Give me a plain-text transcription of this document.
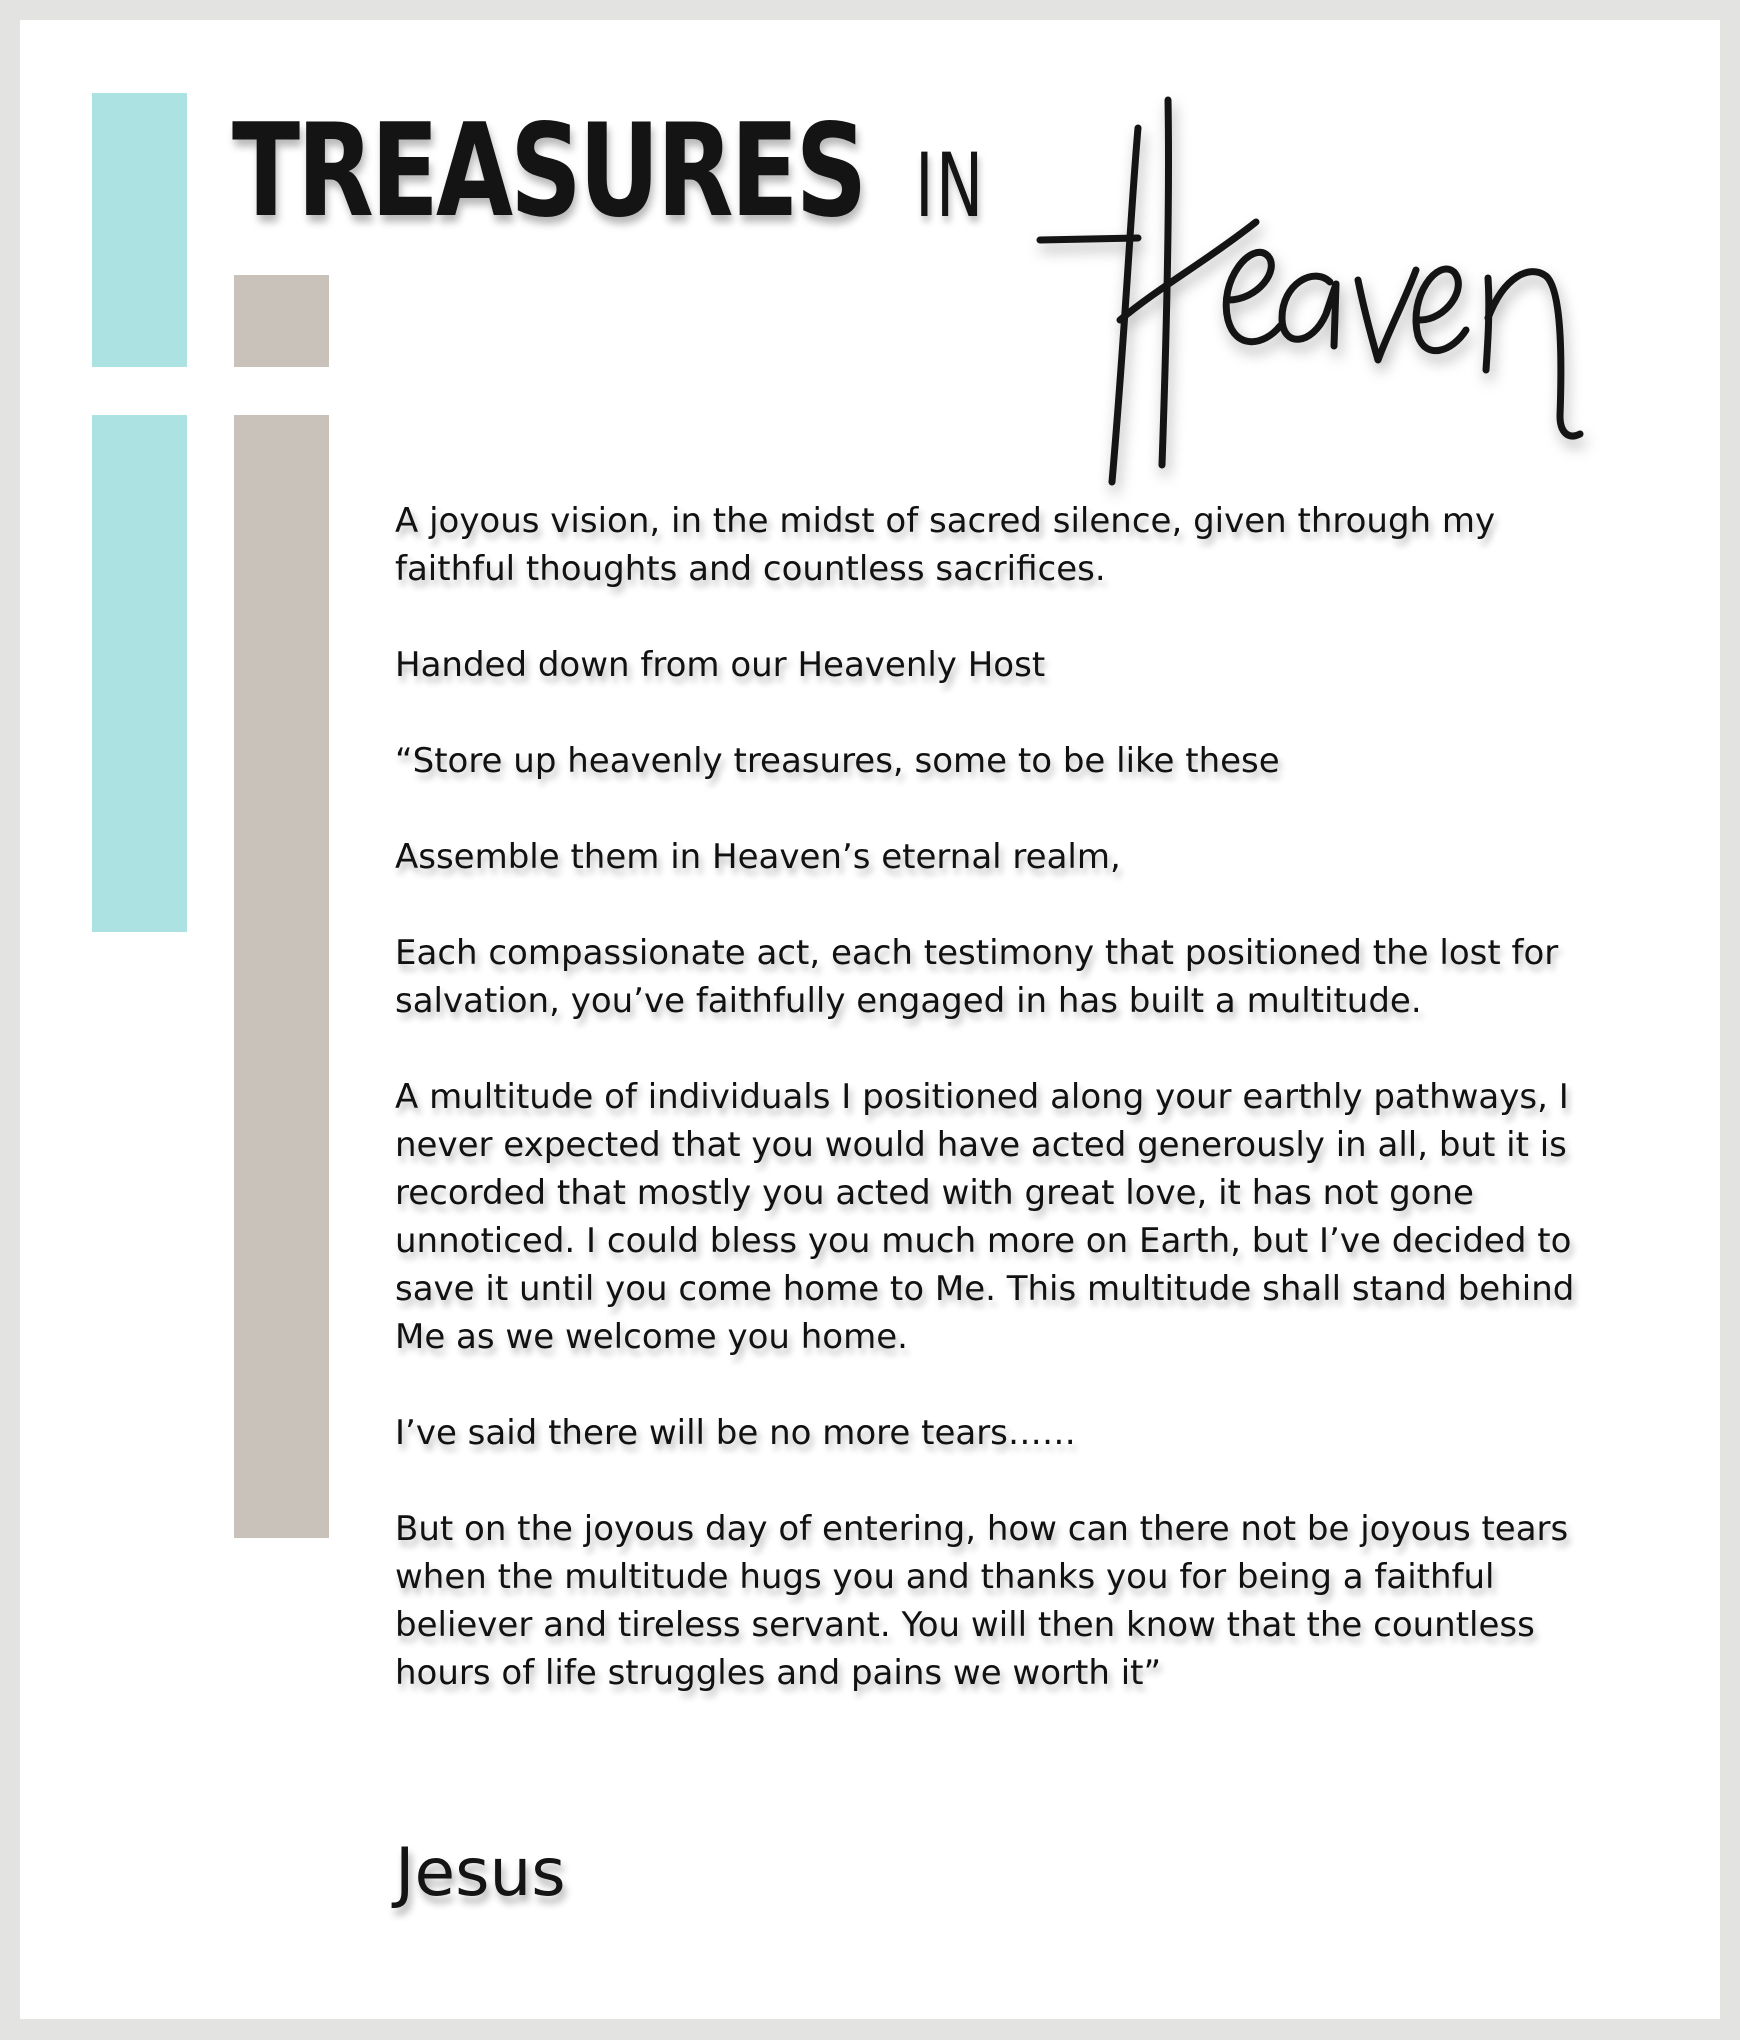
TREASURES IN

A joyous vision, in the midst of sacred silence, given through my faithful thoughts and countless sacrifices.

Handed down from our Heavenly Host

“Store up heavenly treasures, some to be like these

Assemble them in Heaven’s eternal realm,

Each compassionate act, each testimony that positioned the lost for salvation, you’ve faithfully engaged in has built a multitude.

A multitude of individuals I positioned along your earthly pathways, I never expected that you would have acted generously in all, but it is recorded that mostly you acted with great love, it has not gone unnoticed. I could bless you much more on Earth, but I’ve decided to save it until you come home to Me. This multitude shall stand behind Me as we welcome you home.

I’ve said there will be no more tears……

But on the joyous day of entering, how can there not be joyous tears when the multitude hugs you and thanks you for being a faithful believer and tireless servant. You will then know that the countless hours of life struggles and pains we worth it”

Jesus
